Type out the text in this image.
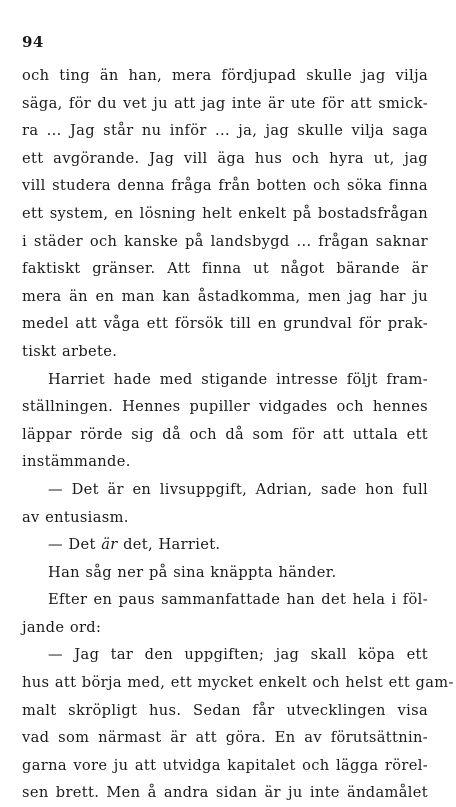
94
och ting än han, mera fördjupad skulle jag vilja
säga, för du vet ju att jag inte är ute för att smick-
ra ... Jag står nu inför ... ja, jag skulle vilja saga
ett avgörande. Jag vill äga hus och hyra ut, jag
vill studera denna fråga från botten och söka finna
ett system, en lösning helt enkelt på bostadsfrågan
i städer och kanske på landsbygd ... frågan saknar
faktiskt gränser. Att finna ut något bärande är
mera än en man kan åstadkomma, men jag har ju
medel att våga ett försök till en grundval för prak-
tiskt arbete.
Harriet hade med stigande intresse följt fram-
ställningen. Hennes pupiller vidgades och hennes
läppar rörde sig då och då som för att uttala ett
instämmande.
— Det är en livsuppgift, Adrian, sade hon full
av entusiasm.
— Det är det, Harriet.
Han såg ner på sina knäppta händer.
Efter en paus sammanfattade han det hela i föl-
jande ord:
— Jag tar den uppgiften; jag skall köpa ett
hus att börja med, ett mycket enkelt och helst ett gam-
malt skröpligt hus. Sedan får utvecklingen visa
vad som närmast är att göra. En av förutsättnin-
garna vore ju att utvidga kapitalet och lägga rörel-
sen brett. Men å andra sidan är ju inte ändamålet
